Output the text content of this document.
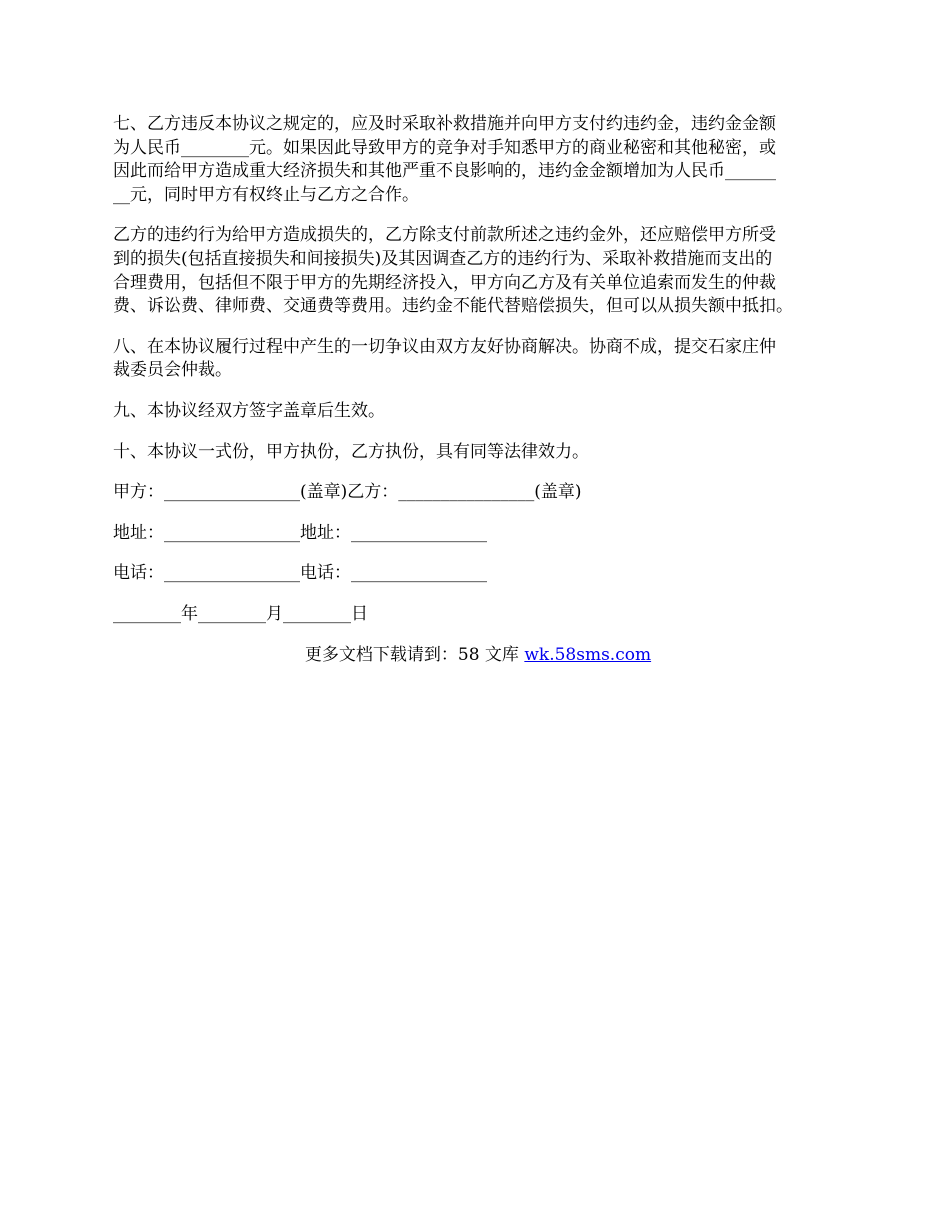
七、乙方违反本协议之规定的，应及时采取补救措施并向甲方支付约违约金，违约金金额
为人民币________元。如果因此导致甲方的竞争对手知悉甲方的商业秘密和其他秘密，或
因此而给甲方造成重大经济损失和其他严重不良影响的，违约金金额增加为人民币______
__元，同时甲方有权终止与乙方之合作。

乙方的违约行为给甲方造成损失的，乙方除支付前款所述之违约金外，还应赔偿甲方所受
到的损失(包括直接损失和间接损失)及其因调查乙方的违约行为、采取补救措施而支出的
合理费用，包括但不限于甲方的先期经济投入，甲方向乙方及有关单位追索而发生的仲裁
费、诉讼费、律师费、交通费等费用。违约金不能代替赔偿损失，但可以从损失额中抵扣。

八、在本协议履行过程中产生的一切争议由双方友好协商解决。协商不成，提交石家庄仲
裁委员会仲裁。

九、本协议经双方签字盖章后生效。

十、本协议一式份，甲方执份，乙方执份，具有同等法律效力。

甲方：________________(盖章)乙方：________________(盖章)

地址：________________地址：________________

电话：________________电话：________________

________年________月________日

更多文档下载请到：58 文库 wk.58sms.com
